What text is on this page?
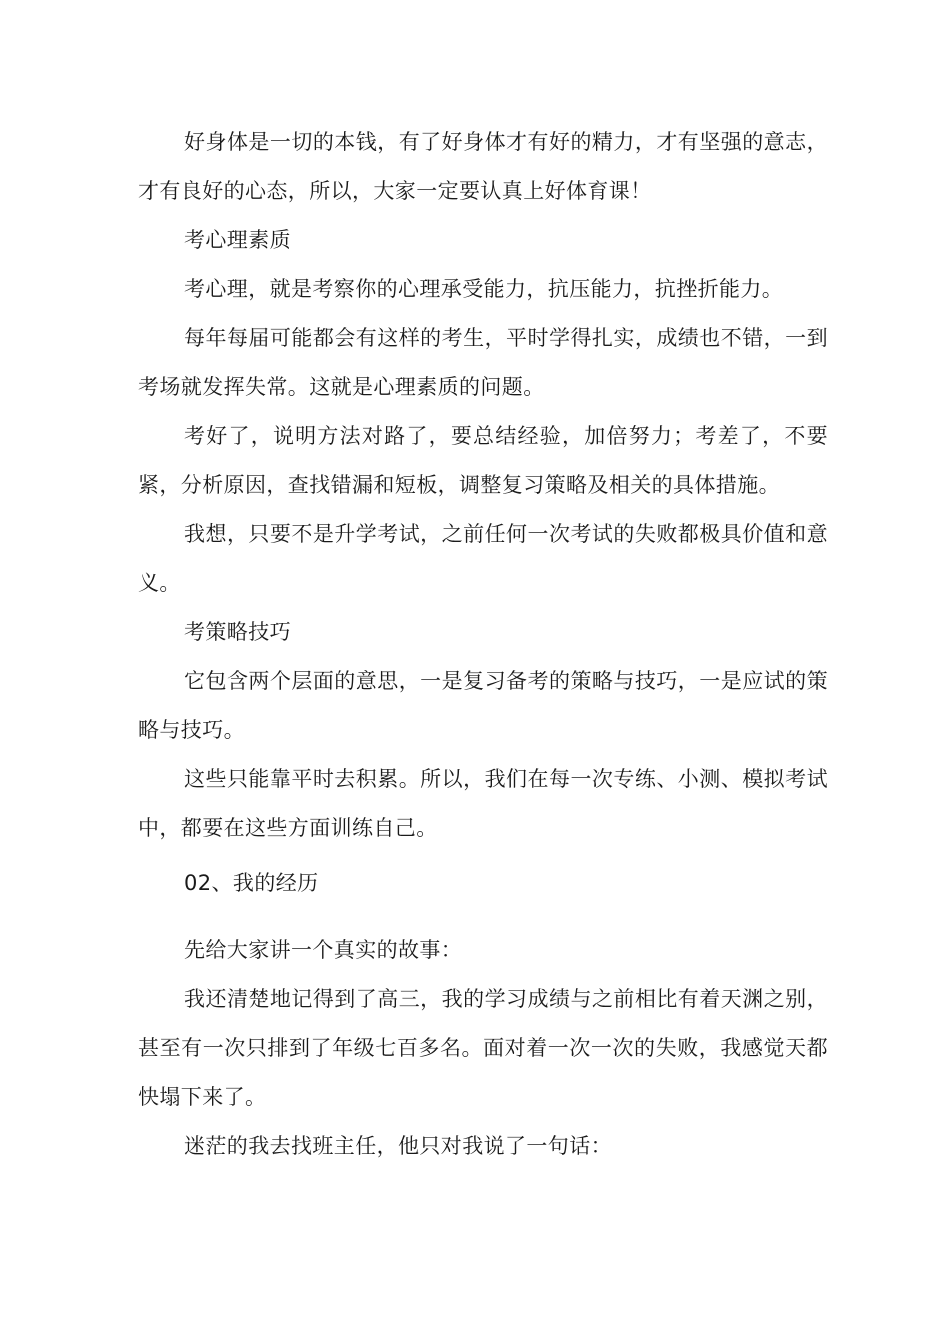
好身体是一切的本钱，有了好身体才有好的精力，才有坚强的意志，才有良好的心态，所以，大家一定要认真上好体育课！

考心理素质

考心理，就是考察你的心理承受能力，抗压能力，抗挫折能力。

每年每届可能都会有这样的考生，平时学得扎实，成绩也不错，一到考场就发挥失常。这就是心理素质的问题。

考好了，说明方法对路了，要总结经验，加倍努力；考差了，不要紧，分析原因，查找错漏和短板，调整复习策略及相关的具体措施。

我想，只要不是升学考试，之前任何一次考试的失败都极具价值和意义。

考策略技巧

它包含两个层面的意思，一是复习备考的策略与技巧，一是应试的策略与技巧。

这些只能靠平时去积累。所以，我们在每一次专练、小测、模拟考试中，都要在这些方面训练自己。

02、我的经历

先给大家讲一个真实的故事：

我还清楚地记得到了高三，我的学习成绩与之前相比有着天渊之别，甚至有一次只排到了年级七百多名。面对着一次一次的失败，我感觉天都快塌下来了。

迷茫的我去找班主任，他只对我说了一句话：
